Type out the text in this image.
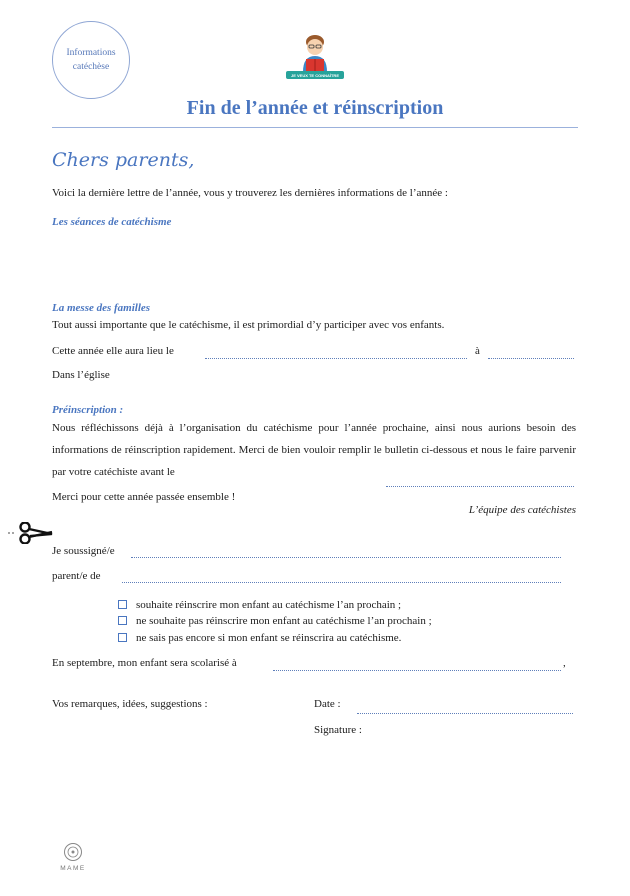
Informations
catéchèse
JE VEUX TE CONNAÎTRE
Fin de l’année et réinscription
Chers parents,
Voici la dernière lettre de l’année, vous y trouverez les dernières informations de l’année :
Les séances de catéchisme
La messe des familles
Tout aussi importante que le catéchisme, il est primordial d’y participer avec vos enfants.
Cette année elle aura lieu le	à
Dans l’église
Préinscription :
Nous réfléchissons déjà à l’organisation du catéchisme pour l’année prochaine, ainsi nous aurions besoin des informations de réinscription rapidement. Merci de bien vouloir remplir le bulletin ci-dessous et nous le faire parvenir par votre catéchiste avant le
Merci pour cette année passée ensemble !
L’équipe des catéchistes
Je soussigné/e
parent/e de
souhaite réinscrire mon enfant au catéchisme l’an prochain ;
ne souhaite pas réinscrire mon enfant au catéchisme l’an prochain ;
ne sais pas encore si mon enfant se réinscrira au catéchisme.
En septembre, mon enfant sera scolarisé à	,
Vos remarques, idées, suggestions :	Date :
Signature :
MAME
